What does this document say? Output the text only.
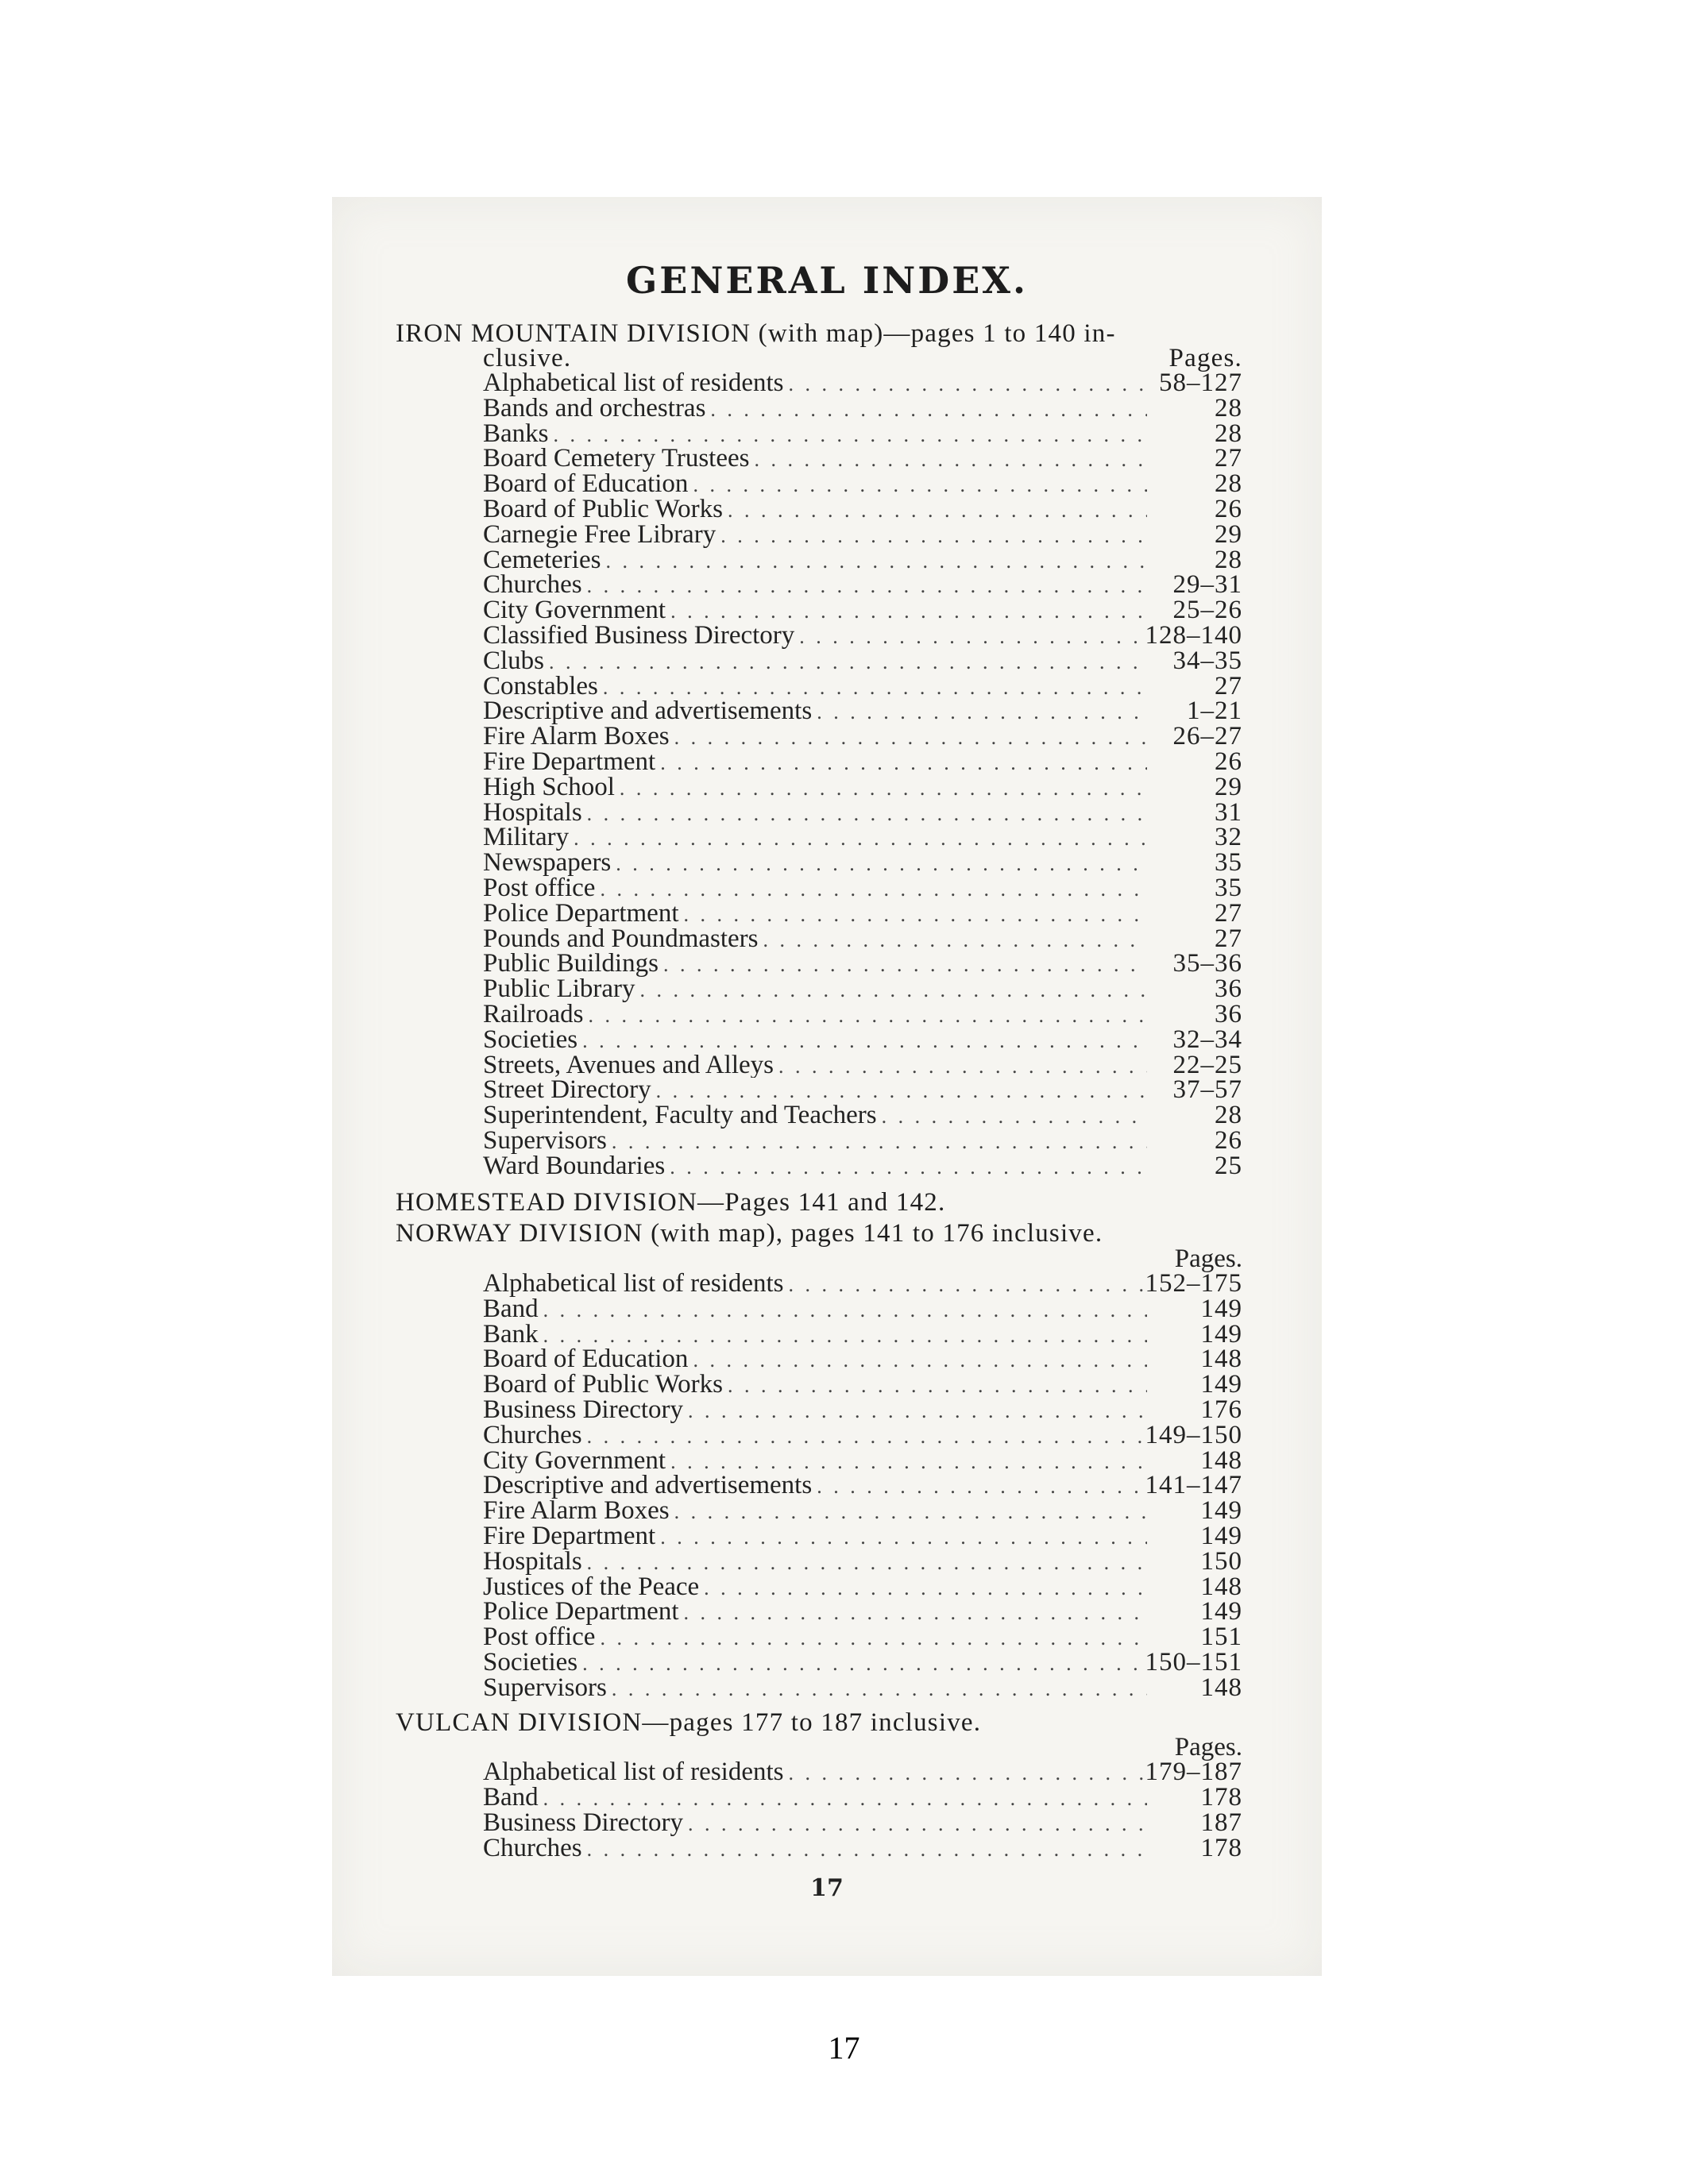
GENERAL INDEX.
IRON MOUNTAIN DIVISION (with map)—pages 1 to 140 in-
clusive.	Pages.
Alphabetical list of residents . . .	58–127
Bands and orchestras . . .	28
Banks . . .	28
Board Cemetery Trustees . . .	27
Board of Education . . .	28
Board of Public Works . . .	26
Carnegie Free Library . . .	29
Cemeteries . . .	28
Churches . . .	29–31
City Government . . .	25–26
Classified Business Directory . . .	128–140
Clubs . . .	34–35
Constables . . .	27
Descriptive and advertisements . . .	1–21
Fire Alarm Boxes . . .	26–27
Fire Department . . .	26
High School . . .	29
Hospitals . . .	31
Military . . .	32
Newspapers . . .	35
Post office . . .	35
Police Department . . .	27
Pounds and Poundmasters . . .	27
Public Buildings . . .	35–36
Public Library . . .	36
Railroads . . .	36
Societies . . .	32–34
Streets, Avenues and Alleys . . .	22–25
Street Directory . . .	37–57
Superintendent, Faculty and Teachers . . .	28
Supervisors . . .	26
Ward Boundaries . . .	25
HOMESTEAD DIVISION—Pages 141 and 142.
NORWAY DIVISION (with map), pages 141 to 176 inclusive.
Pages.
Alphabetical list of residents . . .	152–175
Band . . .	149
Bank . . .	149
Board of Education . . .	148
Board of Public Works . . .	149
Business Directory . . .	176
Churches . . .	149–150
City Government . . .	148
Descriptive and advertisements . . .	141–147
Fire Alarm Boxes . . .	149
Fire Department . . .	149
Hospitals . . .	150
Justices of the Peace . . .	148
Police Department . . .	149
Post office . . .	151
Societies . . .	150–151
Supervisors . . .	148
VULCAN DIVISION—pages 177 to 187 inclusive.
Pages.
Alphabetical list of residents . . .	179–187
Band . . .	178
Business Directory . . .	187
Churches . . .	178
17
17
